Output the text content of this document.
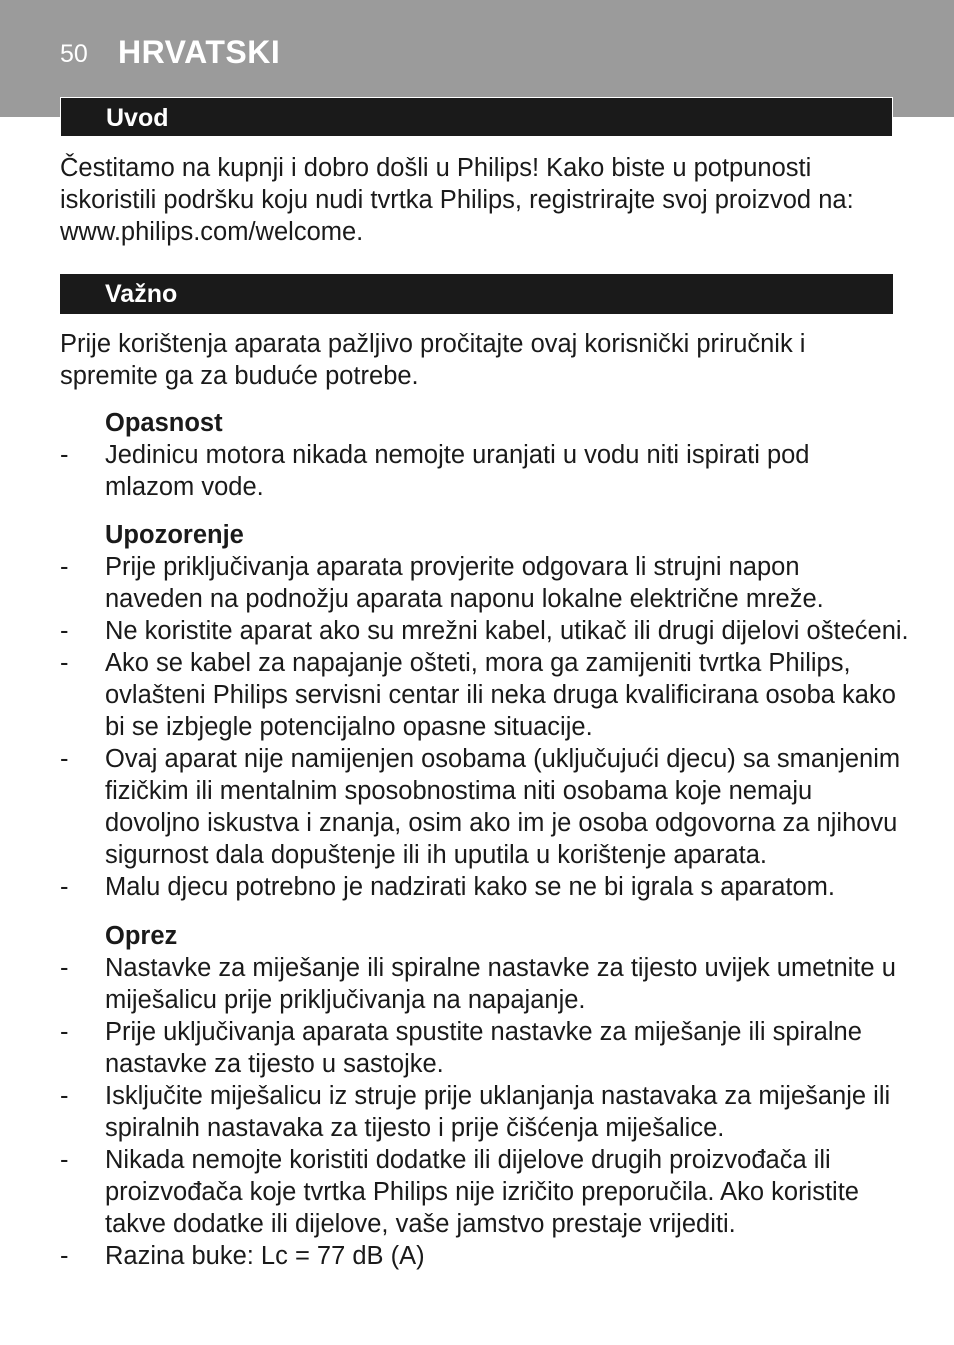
50 HRVATSKI
Uvod
Čestitamo na kupnji i dobro došli u Philips! Kako biste u potpunosti
iskoristili podršku koju nudi tvrtka Philips, registrirajte svoj proizvod na:
www.philips.com/welcome.
Važno
Prije korištenja aparata pažljivo pročitajte ovaj korisnički priručnik i
spremite ga za buduće potrebe.
Opasnost
-	Jedinicu motora nikada nemojte uranjati u vodu niti ispirati pod
mlazom vode.
Upozorenje
-	Prije priključivanja aparata provjerite odgovara li strujni napon
naveden na podnožju aparata naponu lokalne električne mreže.
-	Ne koristite aparat ako su mrežni kabel, utikač ili drugi dijelovi oštećeni.
-	Ako se kabel za napajanje ošteti, mora ga zamijeniti tvrtka Philips,
ovlašteni Philips servisni centar ili neka druga kvalificirana osoba kako
bi se izbjegle potencijalno opasne situacije.
-	Ovaj aparat nije namijenjen osobama (uključujući djecu) sa smanjenim
fizičkim ili mentalnim sposobnostima niti osobama koje nemaju
dovoljno iskustva i znanja, osim ako im je osoba odgovorna za njihovu
sigurnost dala dopuštenje ili ih uputila u korištenje aparata.
-	Malu djecu potrebno je nadzirati kako se ne bi igrala s aparatom.
Oprez
-	Nastavke za miješanje ili spiralne nastavke za tijesto uvijek umetnite u
miješalicu prije priključivanja na napajanje.
-	Prije uključivanja aparata spustite nastavke za miješanje ili spiralne
nastavke za tijesto u sastojke.
-	Isključite miješalicu iz struje prije uklanjanja nastavaka za miješanje ili
spiralnih nastavaka za tijesto i prije čišćenja miješalice.
-	Nikada nemojte koristiti dodatke ili dijelove drugih proizvođača ili
proizvođača koje tvrtka Philips nije izričito preporučila. Ako koristite
takve dodatke ili dijelove, vaše jamstvo prestaje vrijediti.
-	Razina buke: Lc = 77 dB (A)
